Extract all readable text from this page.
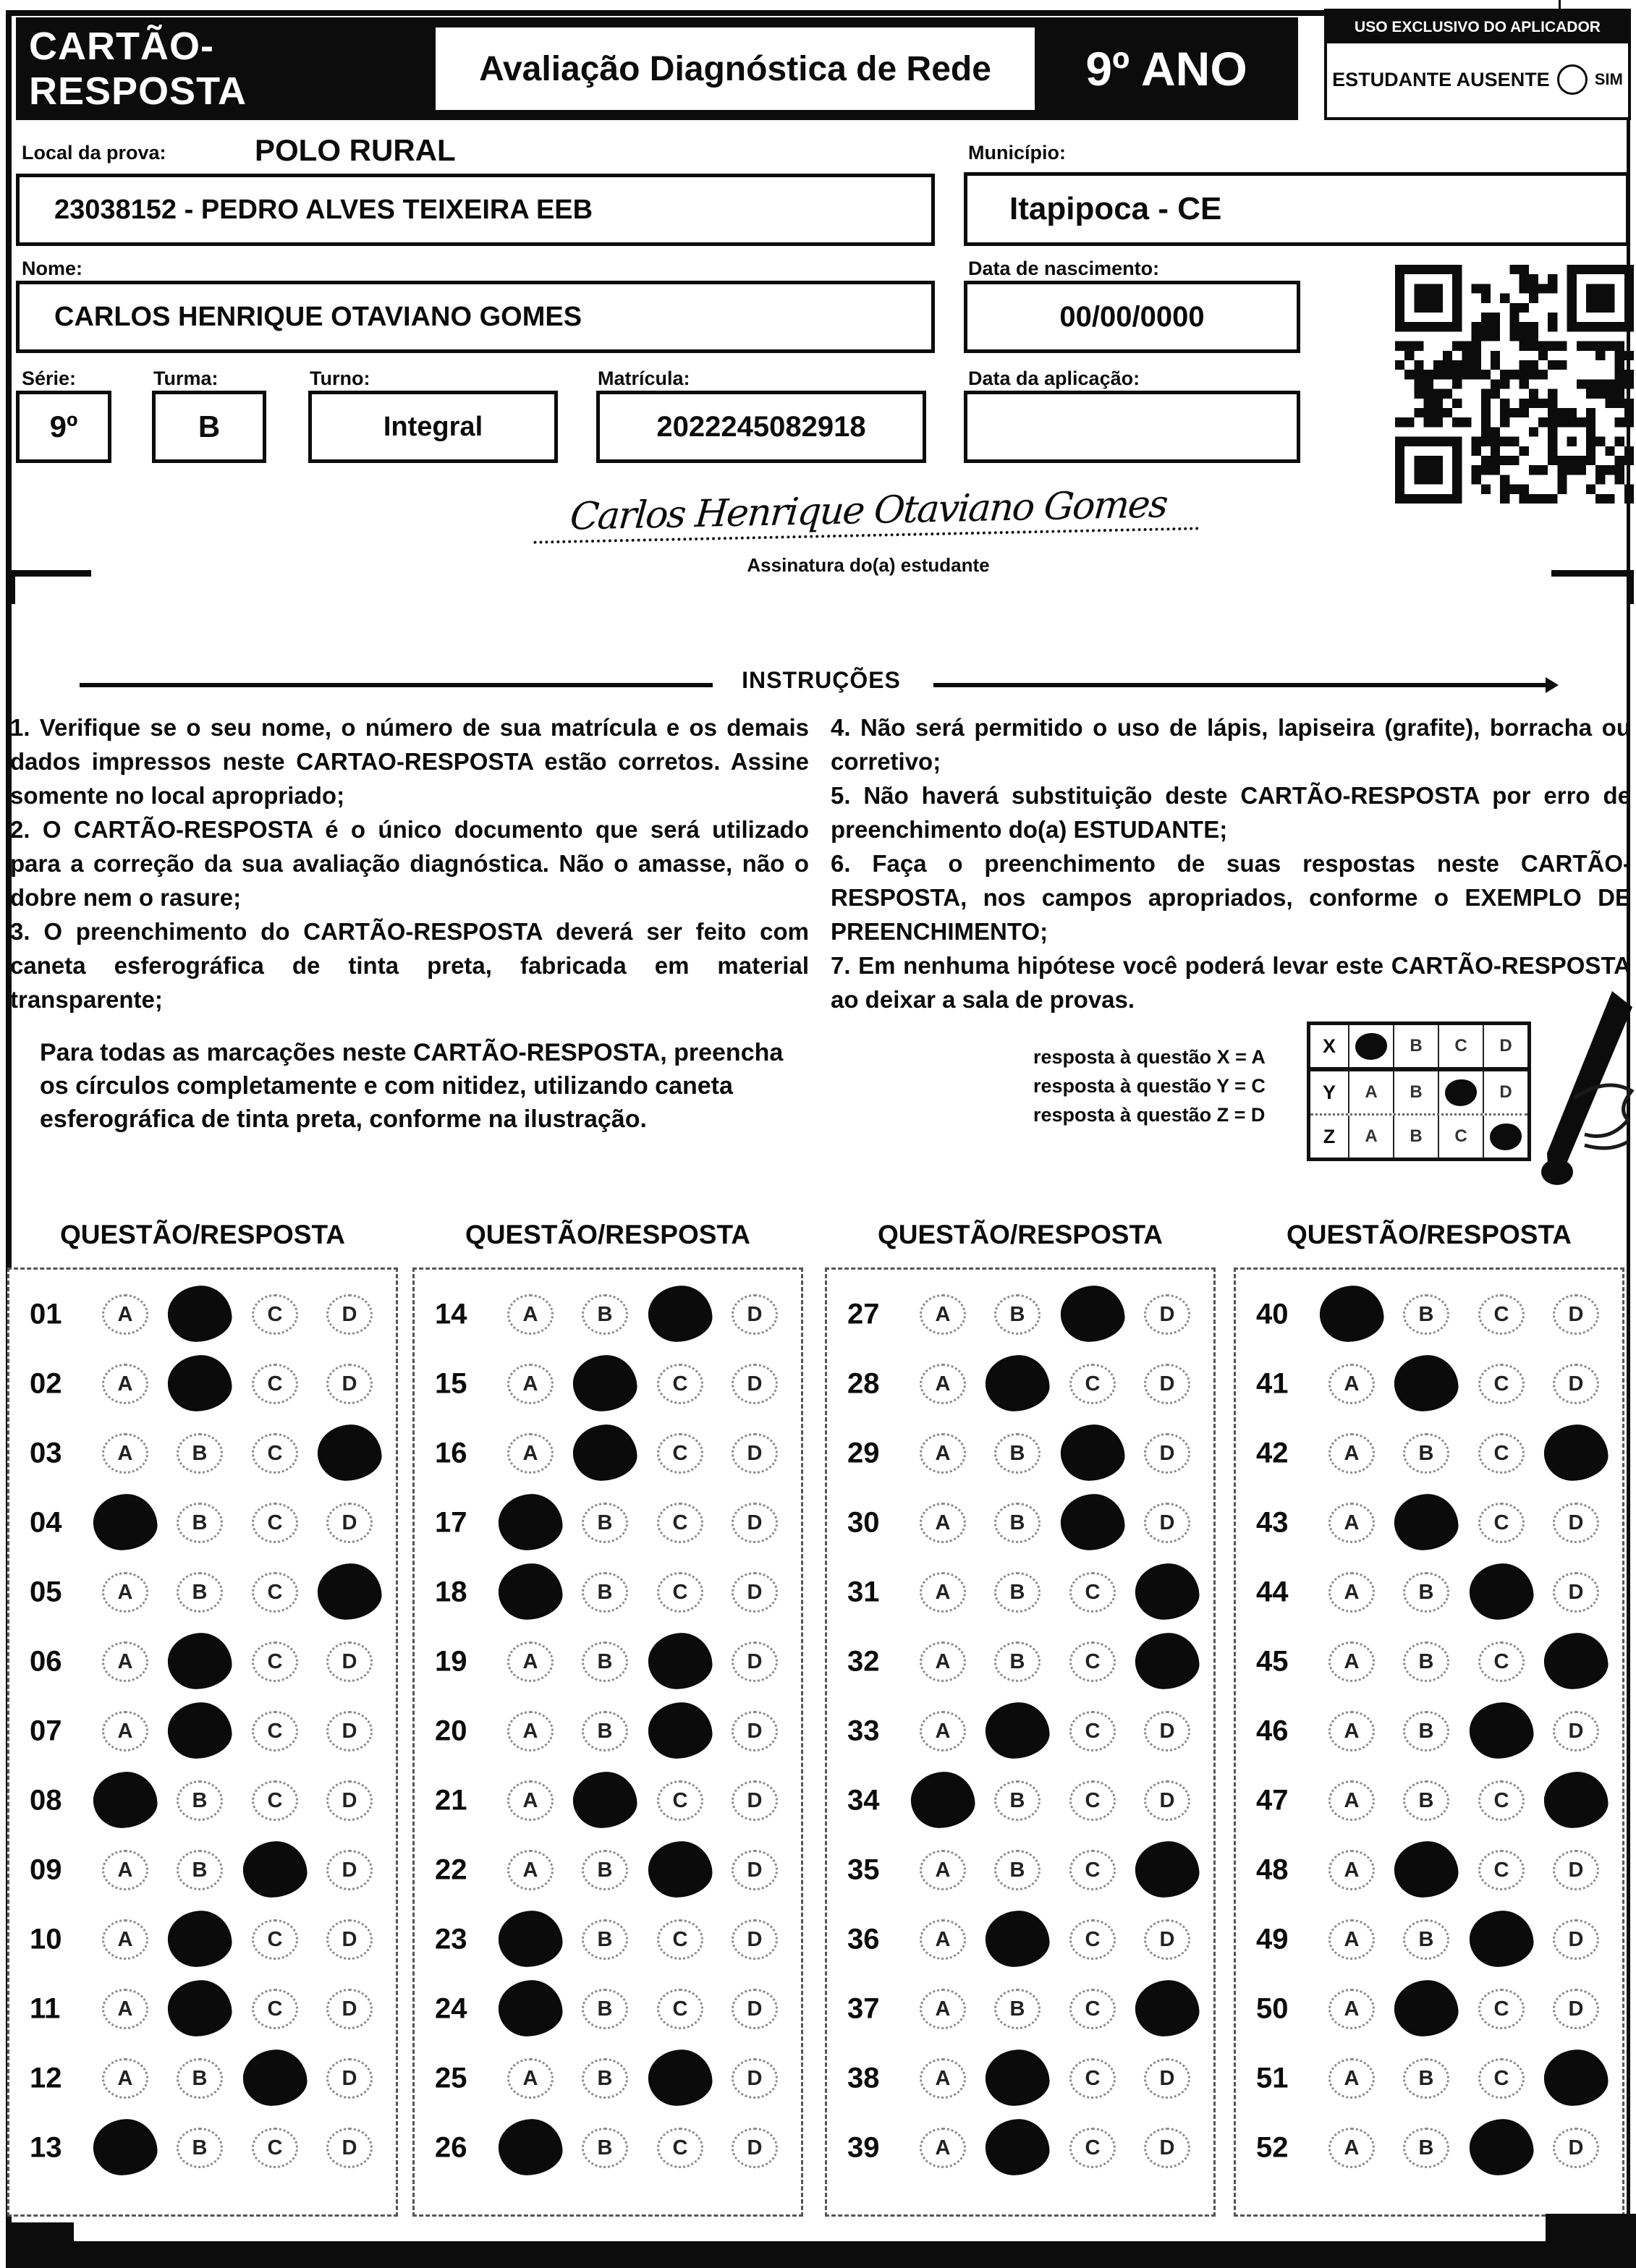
CARTÃO-RESPOSTA
Avaliação Diagnóstica de Rede	9º ANO
USO EXCLUSIVO DO APLICADOR
ESTUDANTE AUSENTE	SIM
Local da prova:	POLO RURAL
23038152 - PEDRO ALVES TEIXEIRA EEB
Município:
Itapipoca - CE
Nome:
CARLOS HENRIQUE OTAVIANO GOMES
Data de nascimento:
00/00/0000
Série:
9º
Turma:
B
Turno:
Integral
Matrícula:
2022245082918
Data da aplicação:
Carlos Henrique Otaviano Gomes
Assinatura do(a) estudante
INSTRUÇÕES

1. Verifique se o seu nome, o número de sua matrícula e os demais dados impressos neste CARTAO-RESPOSTA estão corretos. Assine somente no local apropriado;

2. O CARTÃO-RESPOSTA é o único documento que será utilizado para a correção da sua avaliação diagnóstica. Não o amasse, não o dobre nem o rasure;

3. O preenchimento do CARTÃO-RESPOSTA deverá ser feito com caneta esferográfica de tinta preta, fabricada em material transparente;

4. Não será permitido o uso de lápis, lapiseira (grafite), borracha ou corretivo;

5. Não haverá substituição deste CARTÃO-RESPOSTA por erro de preenchimento do(a) ESTUDANTE;

6. Faça o preenchimento de suas respostas neste CARTÃO-RESPOSTA, nos campos apropriados, conforme o EXEMPLO DE PREENCHIMENTO;

7. Em nenhuma hipótese você poderá levar este CARTÃO-RESPOSTA ao deixar a sala de provas.

Para todas as marcações neste CARTÃO-RESPOSTA, preencha os círculos completamente e com nitidez, utilizando caneta esferográfica de tinta preta, conforme na ilustração.
resposta à questão X = A
resposta à questão Y = C
resposta à questão Z = D
X	B C D
Y	A B	D
Z	A B C
QUESTÃO/RESPOSTA	QUESTÃO/RESPOSTA	QUESTÃO/RESPOSTA	QUESTÃO/RESPOSTA
01	A	C	D
02	A	C	D
03	A	B	C
04	B	C	D
05	A	B	C
06	A	C	D
07	A	C	D
08	B	C	D
09	A	B	D
10	A	C	D
11	A	C	D
12	A	B	D
13	B	C	D
14	A	B	D
15	A	C	D
16	A	C	D
17	B	C	D
18	B	C	D
19	A	B	D
20	A	B	D
21	A	C	D
22	A	B	D
23	B	C	D
24	B	C	D
25	A	B	D
26	B	C	D
27	A	B	D
28	A	C	D
29	A	B	D
30	A	B	D
31	A	B	C
32	A	B	C
33	A	C	D
34	B	C	D
35	A	B	C
36	A	C	D
37	A	B	C
38	A	C	D
39	A	C	D
40	B	C	D
41	A	C	D
42	A	B	C
43	A	C	D
44	A	B	D
45	A	B	C
46	A	B	D
47	A	B	C
48	A	C	D
49	A	B	D
50	A	C	D
51	A	B	C
52	A	B	D
